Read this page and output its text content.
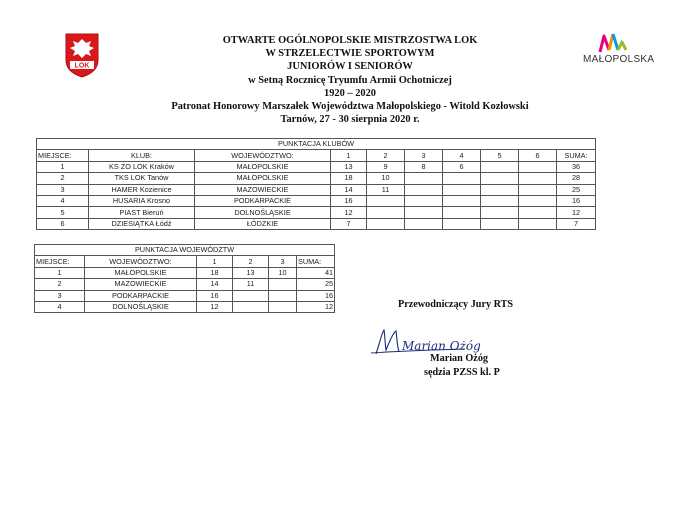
LOK
MAŁOPOLSKA
OTWARTE OGÓLNOPOLSKIE MISTRZOSTWA LOK
W STRZELECTWIE SPORTOWYM
JUNIORÓW I SENIORÓW
w Setną Rocznicę Tryumfu Armii Ochotniczej
1920 – 2020
Patronat Honorowy Marszałek Województwa Małopolskiego - Witold Kozłowski
Tarnów, 27 - 30 sierpnia 2020 r.
PUNKTACJA KLUBÓW									
MIEJSCE:	KLUB:	WOJEWÓDZTWO:	1	2	3	4	5	6	SUMA:
1	KS ZO LOK Kraków	MAŁOPOLSKIE	13	9	8	6			36
2	TKS LOK Tanów	MAŁOPOLSKIE	18	10					28
3	HAMER Kozienice	MAZOWIECKIE	14	11					25
4	HUSARIA Krosno	PODKARPACKIE	16						16
5	PIAST Bieruń	DOLNOŚLĄSKIE	12						12
6	DZIESIĄTKA Łódź	ŁÓDZKIE	7						7
PUNKTACJA WOJEWÓDZTW					
MIEJSCE:	WOJEWÓDZTWO:	1	2	3	SUMA:
1	MAŁOPOLSKIE	18	13	10	41
2	MAZOWIECKIE	14	11		25
3	PODKARPACKIE	16			16
4	DOLNOŚLĄSKIE	12			12	Przewodniczący Jury RTS
Marian Ożóg
Marian Ożóg
sędzia PZSS kl. P
